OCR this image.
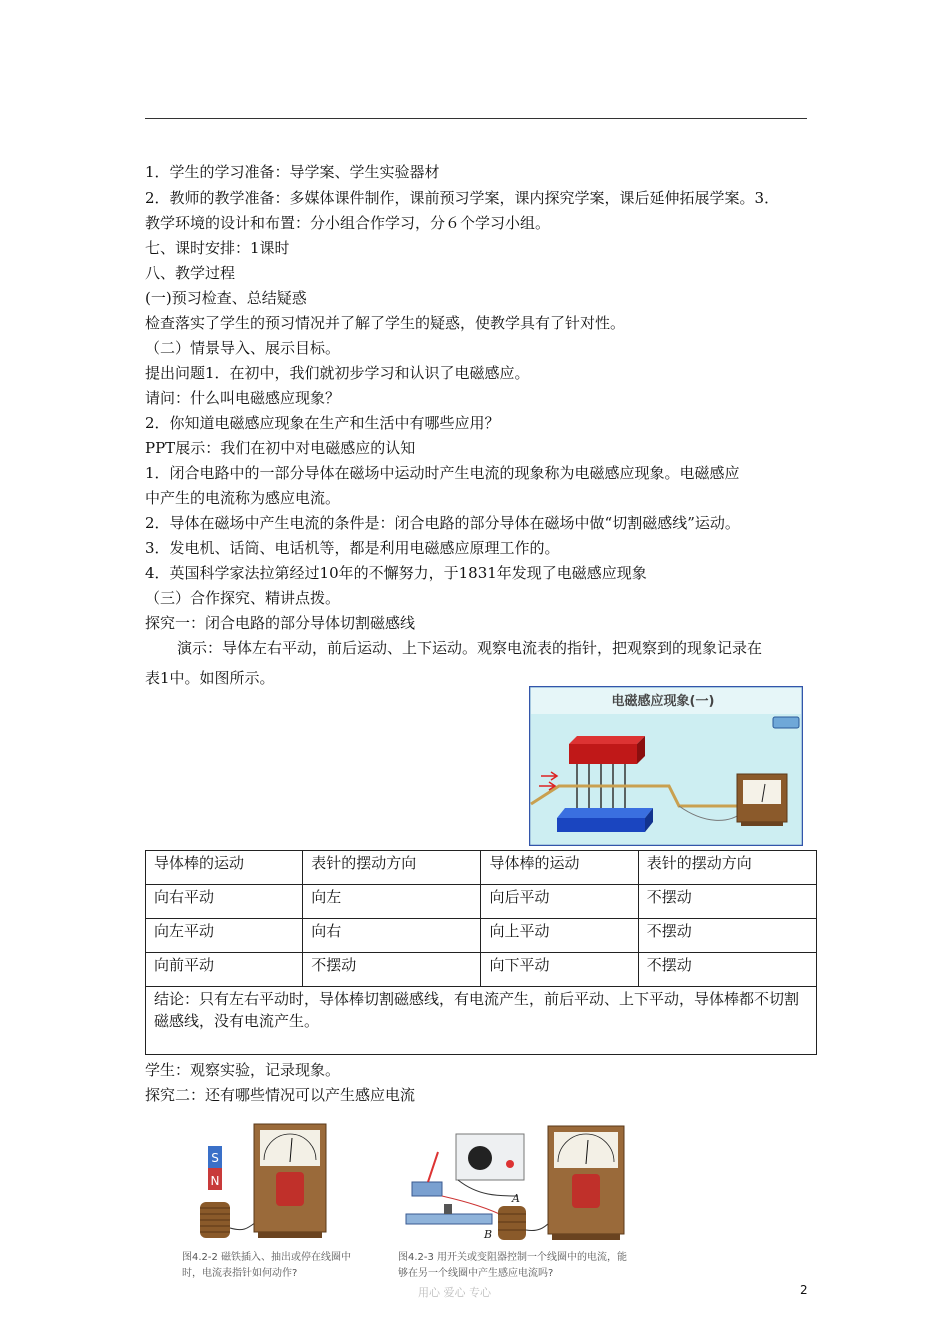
1．学生的学习准备：导学案、学生实验器材
2．教师的教学准备：多媒体课件制作，课前预习学案，课内探究学案，课后延伸拓展学案。3．
教学环境的设计和布置：分小组合作学习，分６个学习小组。
七、课时安排：1课时
八、教学过程
(一)预习检查、总结疑惑
检查落实了学生的预习情况并了解了学生的疑惑，使教学具有了针对性。
（二）情景导入、展示目标。
提出问题1．在初中，我们就初步学习和认识了电磁感应。
请问：什么叫电磁感应现象？
2．你知道电磁感应现象在生产和生活中有哪些应用？
PPT展示：我们在初中对电磁感应的认知
1．闭合电路中的一部分导体在磁场中运动时产生电流的现象称为电磁感应现象。电磁感应
中产生的电流称为感应电流。
2．导体在磁场中产生电流的条件是：闭合电路的部分导体在磁场中做“切割磁感线”运动。
3．发电机、话筒、电话机等，都是利用电磁感应原理工作的。
4．英国科学家法拉第经过10年的不懈努力，于1831年发现了电磁感应现象
（三）合作探究、精讲点拨。
探究一：闭合电路的部分导体切割磁感线
演示：导体左右平动，前后运动、上下运动。观察电流表的指针，把观察到的现象记录在
表1中。如图所示。
电磁感应现象(一)
导体棒的运动	表针的摆动方向	导体棒的运动	表针的摆动方向
向右平动	向左	向后平动	不摆动
向左平动	向右	向上平动	不摆动
向前平动	不摆动	向下平动	不摆动
结论：只有左右平动时，导体棒切割磁感线，有电流产生，前后平动、上下平动，导体棒都不切割磁感线，没有电流产生。			
学生：观察实验，记录现象。
探究二：还有哪些情况可以产生感应电流
S
N
图4.2-2 磁铁插入、抽出或停在线圈中时，电流表指针如何动作?
A
B
图4.2-3 用开关或变阻器控制一个线圈中的电流，能够在另一个线圈中产生感应电流吗?
用心 爱心 专心	2
